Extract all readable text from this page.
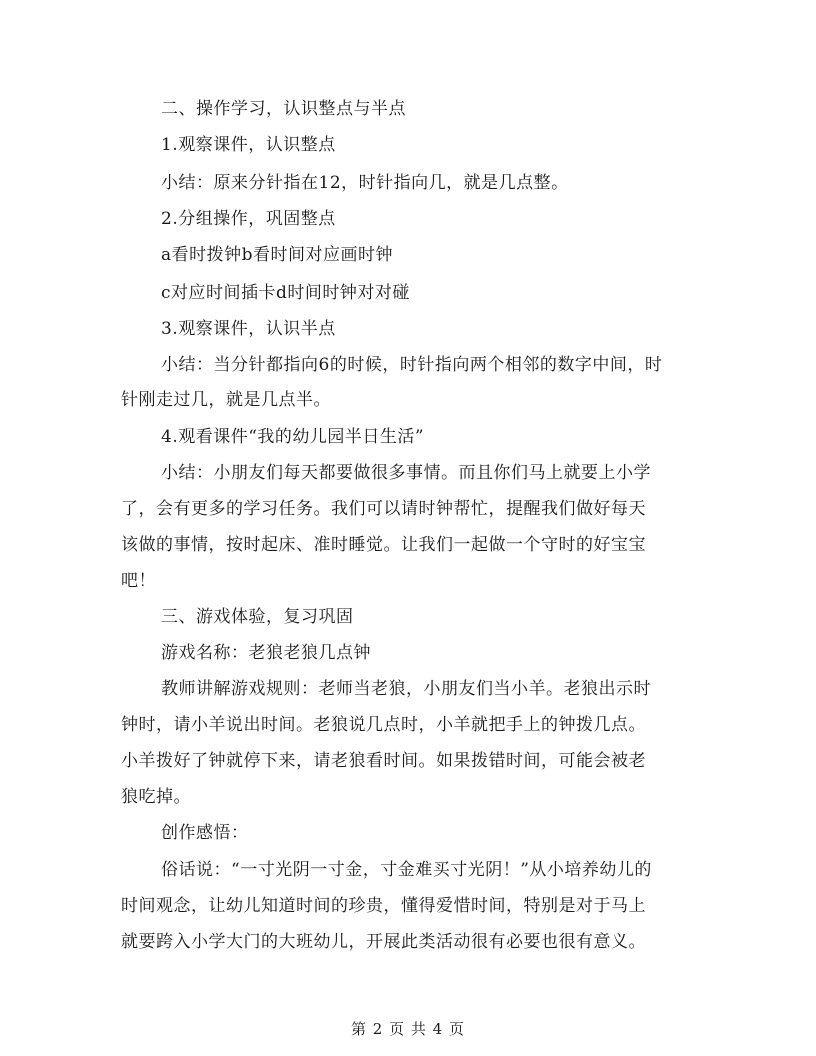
二、操作学习，认识整点与半点
1.观察课件，认识整点
小结：原来分针指在12，时针指向几，就是几点整。
2.分组操作，巩固整点
a看时拨钟b看时间对应画时钟
c对应时间插卡d时间时钟对对碰
3.观察课件，认识半点
小结：当分针都指向6的时候，时针指向两个相邻的数字中间，时
针刚走过几，就是几点半。
4.观看课件“我的幼儿园半日生活”
小结：小朋友们每天都要做很多事情。而且你们马上就要上小学
了，会有更多的学习任务。我们可以请时钟帮忙，提醒我们做好每天
该做的事情，按时起床、准时睡觉。让我们一起做一个守时的好宝宝
吧！
三、游戏体验，复习巩固
游戏名称：老狼老狼几点钟
教师讲解游戏规则：老师当老狼，小朋友们当小羊。老狼出示时
钟时，请小羊说出时间。老狼说几点时，小羊就把手上的钟拨几点。
小羊拨好了钟就停下来，请老狼看时间。如果拨错时间，可能会被老
狼吃掉。
创作感悟：
俗话说：“一寸光阴一寸金，寸金难买寸光阴！”从小培养幼儿的
时间观念，让幼儿知道时间的珍贵，懂得爱惜时间，特别是对于马上
就要跨入小学大门的大班幼儿，开展此类活动很有必要也很有意义。
第 2 页 共 4 页
